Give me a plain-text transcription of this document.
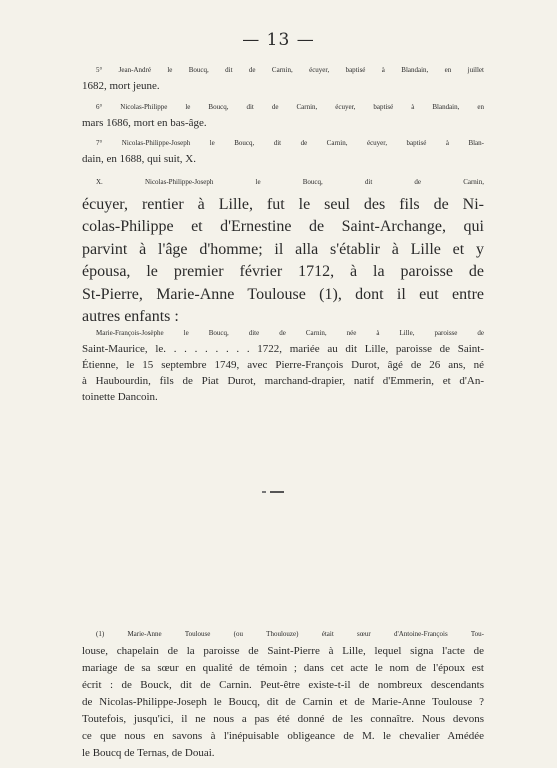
— 13 —
5° Jean-André le Boucq, dit de Carnin, écuyer, baptisé à Blandain, en juillet
1682, mort jeune.
6° Nicolas-Philippe le Boucq, dit de Carnin, écuyer, baptisé à Blandain, en
mars 1686, mort en bas-âge.
7° Nicolas-Philippe-Joseph le Boucq, dit de Carnin, écuyer, baptisé à Blan-
dain, en 1688, qui suit, X.
X. Nicolas-Philippe-Joseph le Boucq, dit de Carnin,
écuyer, rentier à Lille, fut le seul des fils de Ni-
colas-Philippe et d'Ernestine de Saint-Archange, qui
parvint à l'âge d'homme; il alla s'établir à Lille et y
épousa, le premier février 1712, à la paroisse de
St-Pierre, Marie-Anne Toulouse (1), dont il eut entre
autres enfants :
Marie-François-Josèphe le Boucq, dite de Carnin, née à Lille, paroisse de
Saint-Maurice, le. . . . . . . . . 1722, mariée au dit Lille, paroisse de Saint-
Étienne, le 15 septembre 1749, avec Pierre-François Durot, âgé de 26 ans, né
à Haubourdin, fils de Piat Durot, marchand-drapier, natif d'Emmerin, et d'An-
toinette Dancoin.
(1) Marie-Anne Toulouse (ou Thoulouze) était sœur d'Antoine-François Tou-
louse, chapelain de la paroisse de Saint-Pierre à Lille, lequel signa l'acte de
mariage de sa sœur en qualité de témoin ; dans cet acte le nom de l'époux est
écrit : de Bouck, dit de Carnin. Peut-être existe-t-il de nombreux descendants
de Nicolas-Philippe-Joseph le Boucq, dit de Carnin et de Marie-Anne Toulouse ?
Toutefois, jusqu'ici, il ne nous a pas été donné de les connaître. Nous devons
ce que nous en savons à l'inépuisable obligeance de M. le chevalier Amédée
le Boucq de Ternas, de Douai.
